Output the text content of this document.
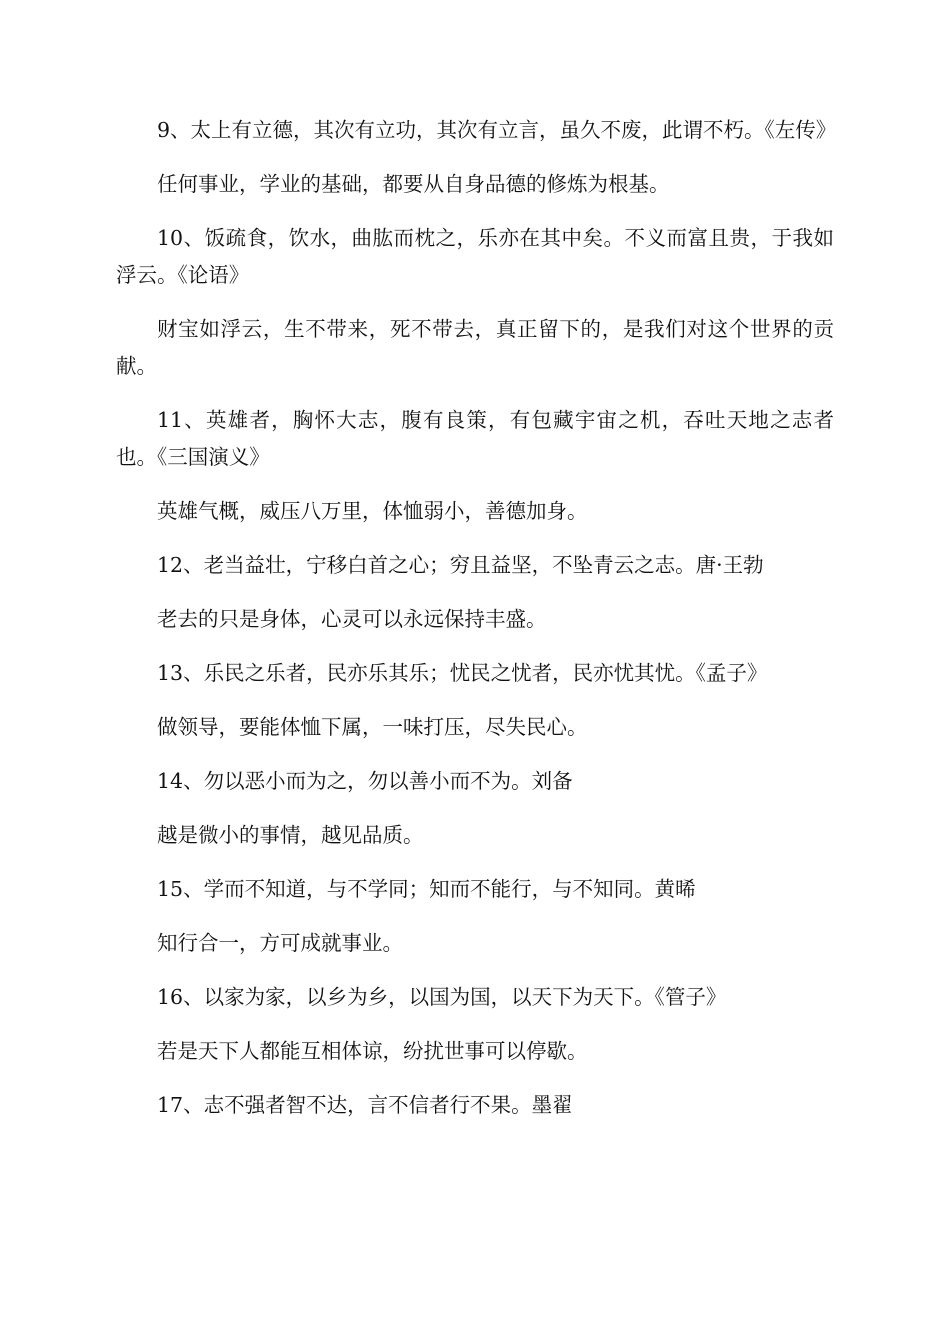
9、太上有立德，其次有立功，其次有立言，虽久不废，此谓不朽。《左传》

任何事业，学业的基础，都要从自身品德的修炼为根基。

10、饭疏食，饮水，曲肱而枕之，乐亦在其中矣。不义而富且贵，于我如浮云。《论语》

财宝如浮云，生不带来，死不带去，真正留下的，是我们对这个世界的贡献。

11、英雄者，胸怀大志，腹有良策，有包藏宇宙之机，吞吐天地之志者也。《三国演义》

英雄气概，威压八万里，体恤弱小，善德加身。

12、老当益壮，宁移白首之心；穷且益坚，不坠青云之志。唐·王勃

老去的只是身体，心灵可以永远保持丰盛。

13、乐民之乐者，民亦乐其乐；忧民之忧者，民亦忧其忧。《孟子》

做领导，要能体恤下属，一味打压，尽失民心。

14、勿以恶小而为之，勿以善小而不为。刘备

越是微小的事情，越见品质。

15、学而不知道，与不学同；知而不能行，与不知同。黄晞

知行合一，方可成就事业。

16、以家为家，以乡为乡，以国为国，以天下为天下。《管子》

若是天下人都能互相体谅，纷扰世事可以停歇。

17、志不强者智不达，言不信者行不果。墨翟
